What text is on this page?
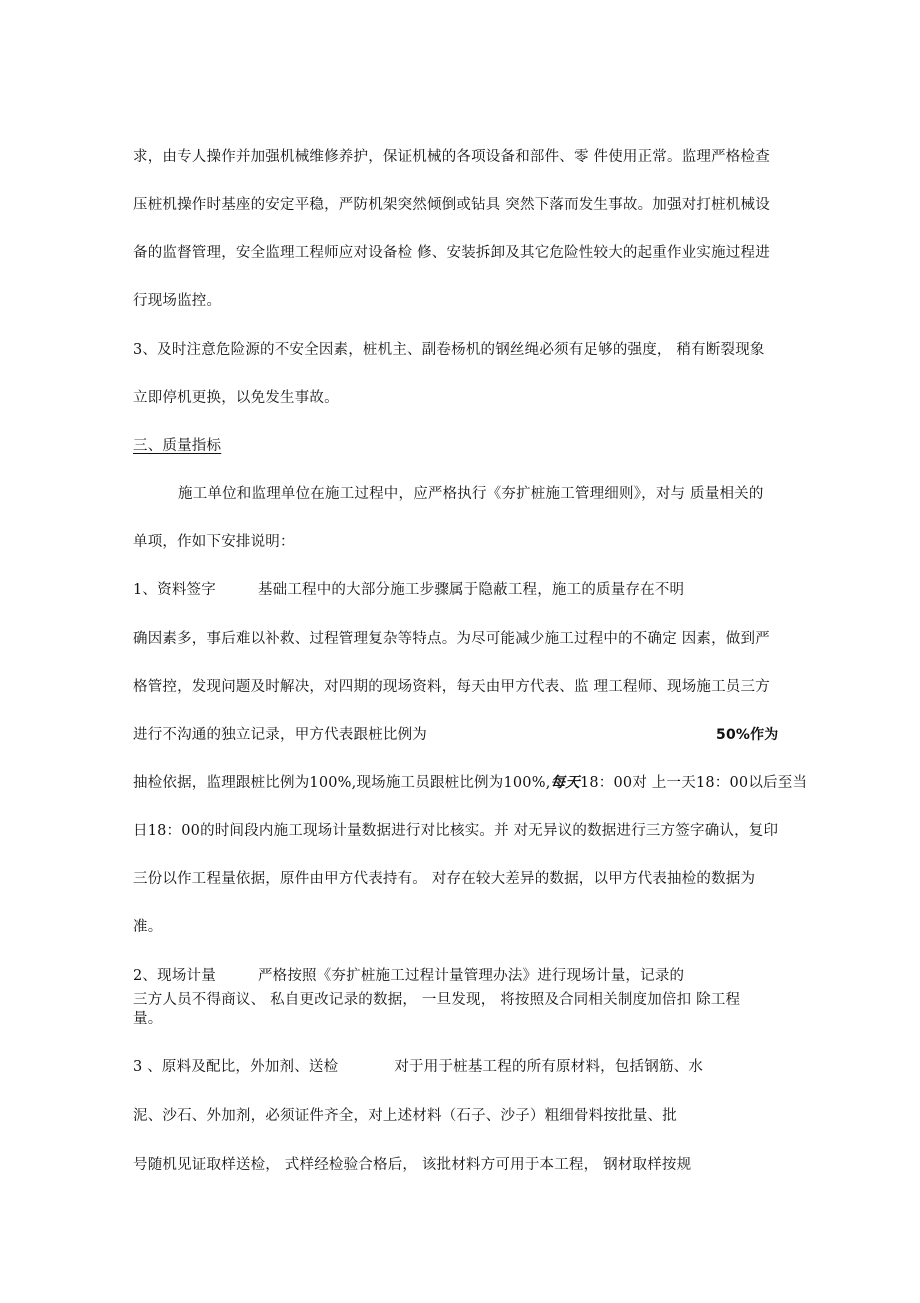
求，由专人操作并加强机械维修养护，保证机械的各项设备和部件、零 件使用正常。监理严格检查
压桩机操作时基座的安定平稳，严防机架突然倾倒或钻具 突然下落而发生事故。加强对打桩机械设
备的监督管理，安全监理工程师应对设备检 修、安装拆卸及其它危险性较大的起重作业实施过程进
行现场监控。
3、及时注意危险源的不安全因素，桩机主、副卷杨机的钢丝绳必须有足够的强度， 稍有断裂现象
立即停机更换，以免发生事故。
三、质量指标
施工单位和监理单位在施工过程中，应严格执行《夯扩桩施工管理细则》，对与 质量相关的
单项，作如下安排说明：
1、资料签字	基础工程中的大部分施工步骤属于隐蔽工程，施工的质量存在不明
确因素多，事后难以补救、过程管理复杂等特点。为尽可能减少施工过程中的不确定 因素，做到严
格管控，发现问题及时解决，对四期的现场资料，每天由甲方代表、监 理工程师、现场施工员三方
进行不沟通的独立记录，甲方代表跟桩比例为	50%作为
抽检依据，监理跟桩比例为100%,现场施工员跟桩比例为100%,每天18：00对 上一天18：00以后至当
日18：00的时间段内施工现场计量数据进行对比核实。并 对无异议的数据进行三方签字确认，复印
三份以作工程量依据，原件由甲方代表持有。 对存在较大差异的数据，以甲方代表抽检的数据为
准。
2、现场计量	严格按照《夯扩桩施工过程计量管理办法》进行现场计量，记录的
三方人员不得商议、 私自更改记录的数据， 一旦发现， 将按照及合同相关制度加倍扣 除工程
量。
3 、原料及配比，外加剂、送检	对于用于桩基工程的所有原材料，包括钢筋、水
泥、沙石、外加剂，必须证件齐全，对上述材料（石子、沙子）粗细骨料按批量、批
号随机见证取样送检， 式样经检验合格后， 该批材料方可用于本工程， 钢材取样按规
